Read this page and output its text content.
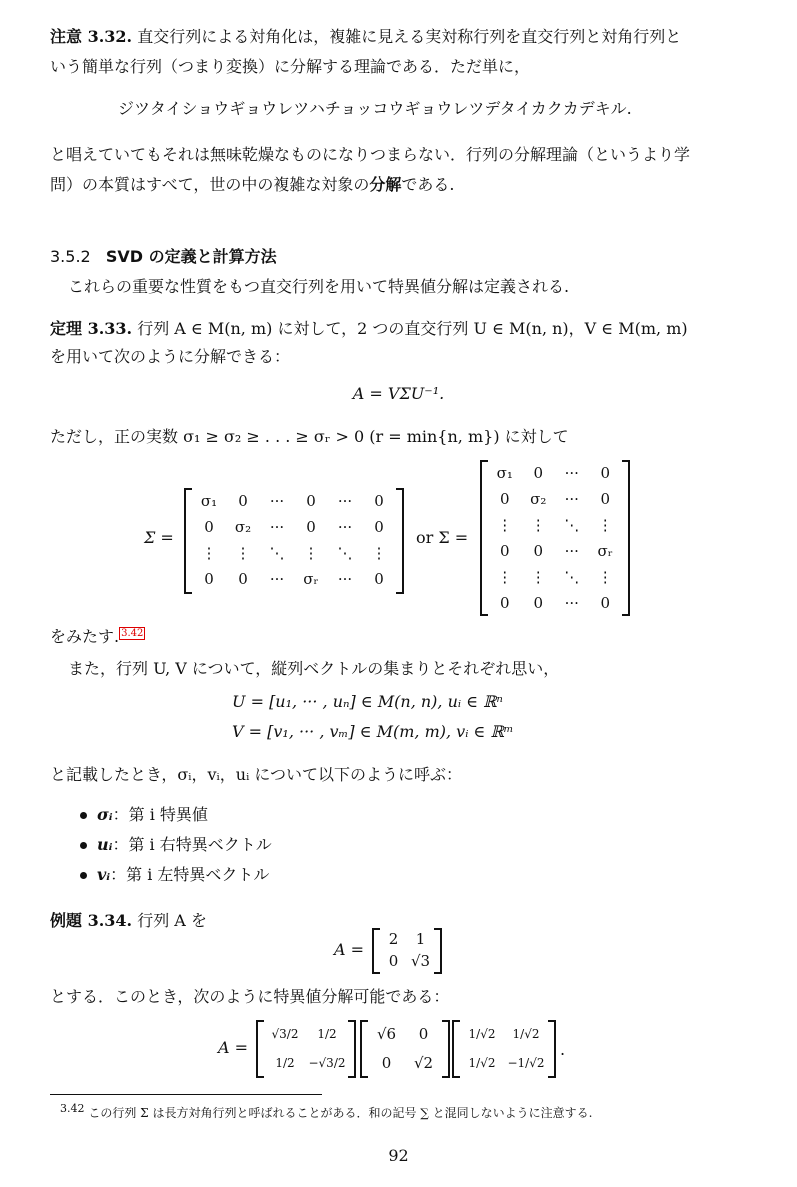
注意 3.32. 直交行列による対角化は，複雑に見える実対称行列を直交行列と対角行列と
いう簡単な行列（つまり変換）に分解する理論である．ただ単に，
ジツタイショウギョウレツハチョッコウギョウレツデタイカクカデキル.
と唱えていてもそれは無味乾燥なものになりつまらない．行列の分解理論（というより学
問）の本質はすべて，世の中の複雑な対象の分解である.
3.5.2 SVD の定義と計算方法
これらの重要な性質をもつ直交行列を用いて特異値分解は定義される.
定理 3.33. 行列 A ∈ M(n, m) に対して，2 つの直交行列 U ∈ M(n, n)，V ∈ M(m, m)
を用いて次のように分解できる：
A = VΣU⁻¹.
ただし，正の実数 σ₁ ≥ σ₂ ≥ . . . ≥ σᵣ > 0 (r = min{n, m}) に対して
Σ =
σ₁	0	···	0	···	0
0	σ₂	···	0	···	0
⋮	⋮	⋱	⋮	⋱	⋮
0	0	···	σᵣ	···	0
or Σ =
σ₁	0	···	0
0	σ₂	···	0
⋮	⋮	⋱	⋮
0	0	···	σᵣ
⋮	⋮	⋱	⋮
0	0	···	0
をみたす. $^{3.42}$
また，行列 U, V について，縦列ベクトルの集まりとそれぞれ思い，
U = [u₁, ··· , uₙ] ∈ M(n, n), uᵢ ∈ ℝⁿ
V = [v₁, ··· , vₘ] ∈ M(m, m), vᵢ ∈ ℝᵐ
と記載したとき，σᵢ，vᵢ，uᵢ について以下のように呼ぶ：
σᵢ：第 i 特異値
uᵢ：第 i 右特異ベクトル
vᵢ：第 i 左特異ベクトル
例題 3.34. 行列 A を
A =
2	1
0 √3
とする．このとき，次のように特異値分解可能である：
A =
√3/2	1/2
1/2	−√3/2
√6	0
0	√2
1/√2	1/√2
1/√2	−1/√2
.
$^{3.42}$ この行列 Σ は長方対角行列と呼ばれることがある．和の記号 ∑ と混同しないように注意する.
92
